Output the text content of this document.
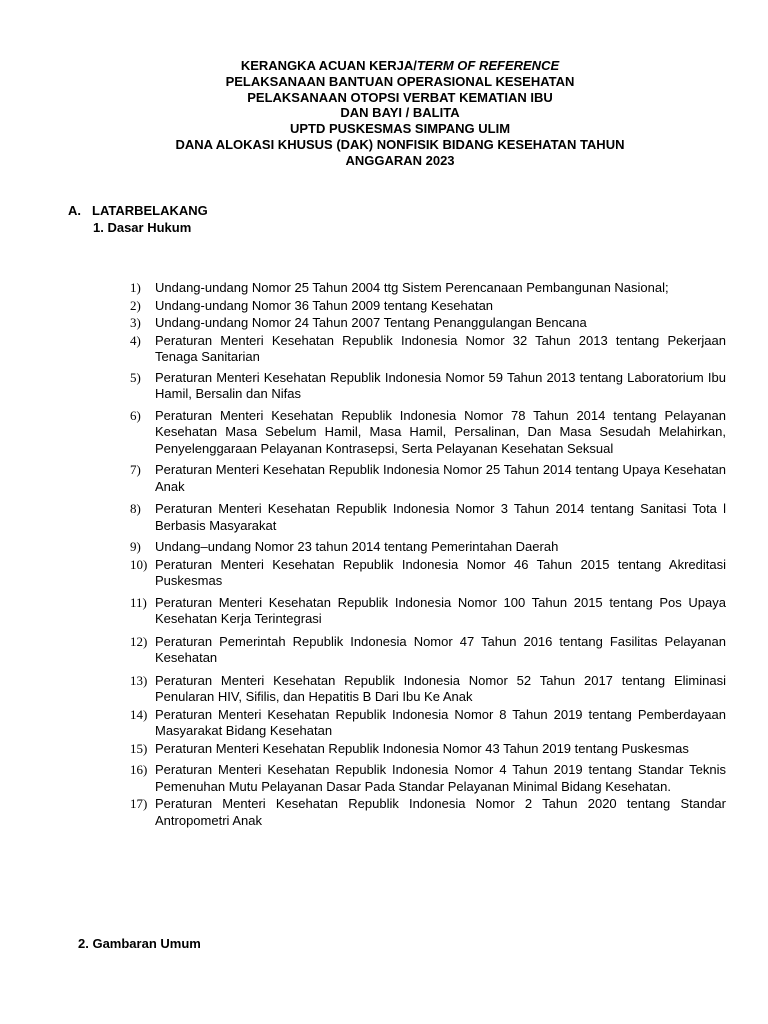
KERANGKA ACUAN KERJA/TERM OF REFERENCE
PELAKSANAAN BANTUAN OPERASIONAL KESEHATAN
PELAKSANAAN OTOPSI VERBAT KEMATIAN IBU
DAN BAYI / BALITA
UPTD PUSKESMAS SIMPANG ULIM
DANA ALOKASI KHUSUS (DAK) NONFISIK BIDANG KESEHATAN TAHUN
ANGGARAN 2023
A. LATARBELAKANG
1. Dasar Hukum
1) Undang-undang Nomor 25 Tahun 2004 ttg Sistem Perencanaan Pembangunan Nasional;
2) Undang-undang Nomor 36 Tahun 2009 tentang Kesehatan
3) Undang-undang Nomor 24 Tahun 2007 Tentang Penanggulangan Bencana
4) Peraturan Menteri Kesehatan Republik Indonesia Nomor 32 Tahun 2013 tentang Pekerjaan Tenaga Sanitarian
5) Peraturan Menteri Kesehatan Republik Indonesia Nomor 59 Tahun 2013 tentang Laboratorium Ibu Hamil, Bersalin dan Nifas
6) Peraturan Menteri Kesehatan Republik Indonesia Nomor 78 Tahun 2014 tentang Pelayanan Kesehatan Masa Sebelum Hamil, Masa Hamil, Persalinan, Dan Masa Sesudah Melahirkan, Penyelenggaraan Pelayanan Kontrasepsi, Serta Pelayanan Kesehatan Seksual
7) Peraturan Menteri Kesehatan Republik Indonesia Nomor 25 Tahun 2014 tentang Upaya Kesehatan Anak
8) Peraturan Menteri Kesehatan Republik Indonesia Nomor 3 Tahun 2014 tentang Sanitasi Tota l Berbasis Masyarakat
9) Undang–undang Nomor 23 tahun 2014 tentang Pemerintahan Daerah
10) Peraturan Menteri Kesehatan Republik Indonesia Nomor 46 Tahun 2015 tentang Akreditasi Puskesmas
11) Peraturan Menteri Kesehatan Republik Indonesia Nomor 100 Tahun 2015 tentang Pos Upaya Kesehatan Kerja Terintegrasi
12) Peraturan Pemerintah Republik Indonesia Nomor 47 Tahun 2016 tentang Fasilitas Pelayanan Kesehatan
13) Peraturan Menteri Kesehatan Republik Indonesia Nomor 52 Tahun 2017 tentang Eliminasi Penularan HIV, Sifilis, dan Hepatitis B Dari Ibu Ke Anak
14) Peraturan Menteri Kesehatan Republik Indonesia Nomor 8 Tahun 2019 tentang Pemberdayaan Masyarakat Bidang Kesehatan
15) Peraturan Menteri Kesehatan Republik Indonesia Nomor 43 Tahun 2019 tentang Puskesmas
16) Peraturan Menteri Kesehatan Republik Indonesia Nomor 4 Tahun 2019 tentang Standar Teknis Pemenuhan Mutu Pelayanan Dasar Pada Standar Pelayanan Minimal Bidang Kesehatan.
17) Peraturan Menteri Kesehatan Republik Indonesia Nomor 2 Tahun 2020 tentang Standar Antropometri Anak
2. Gambaran Umum
